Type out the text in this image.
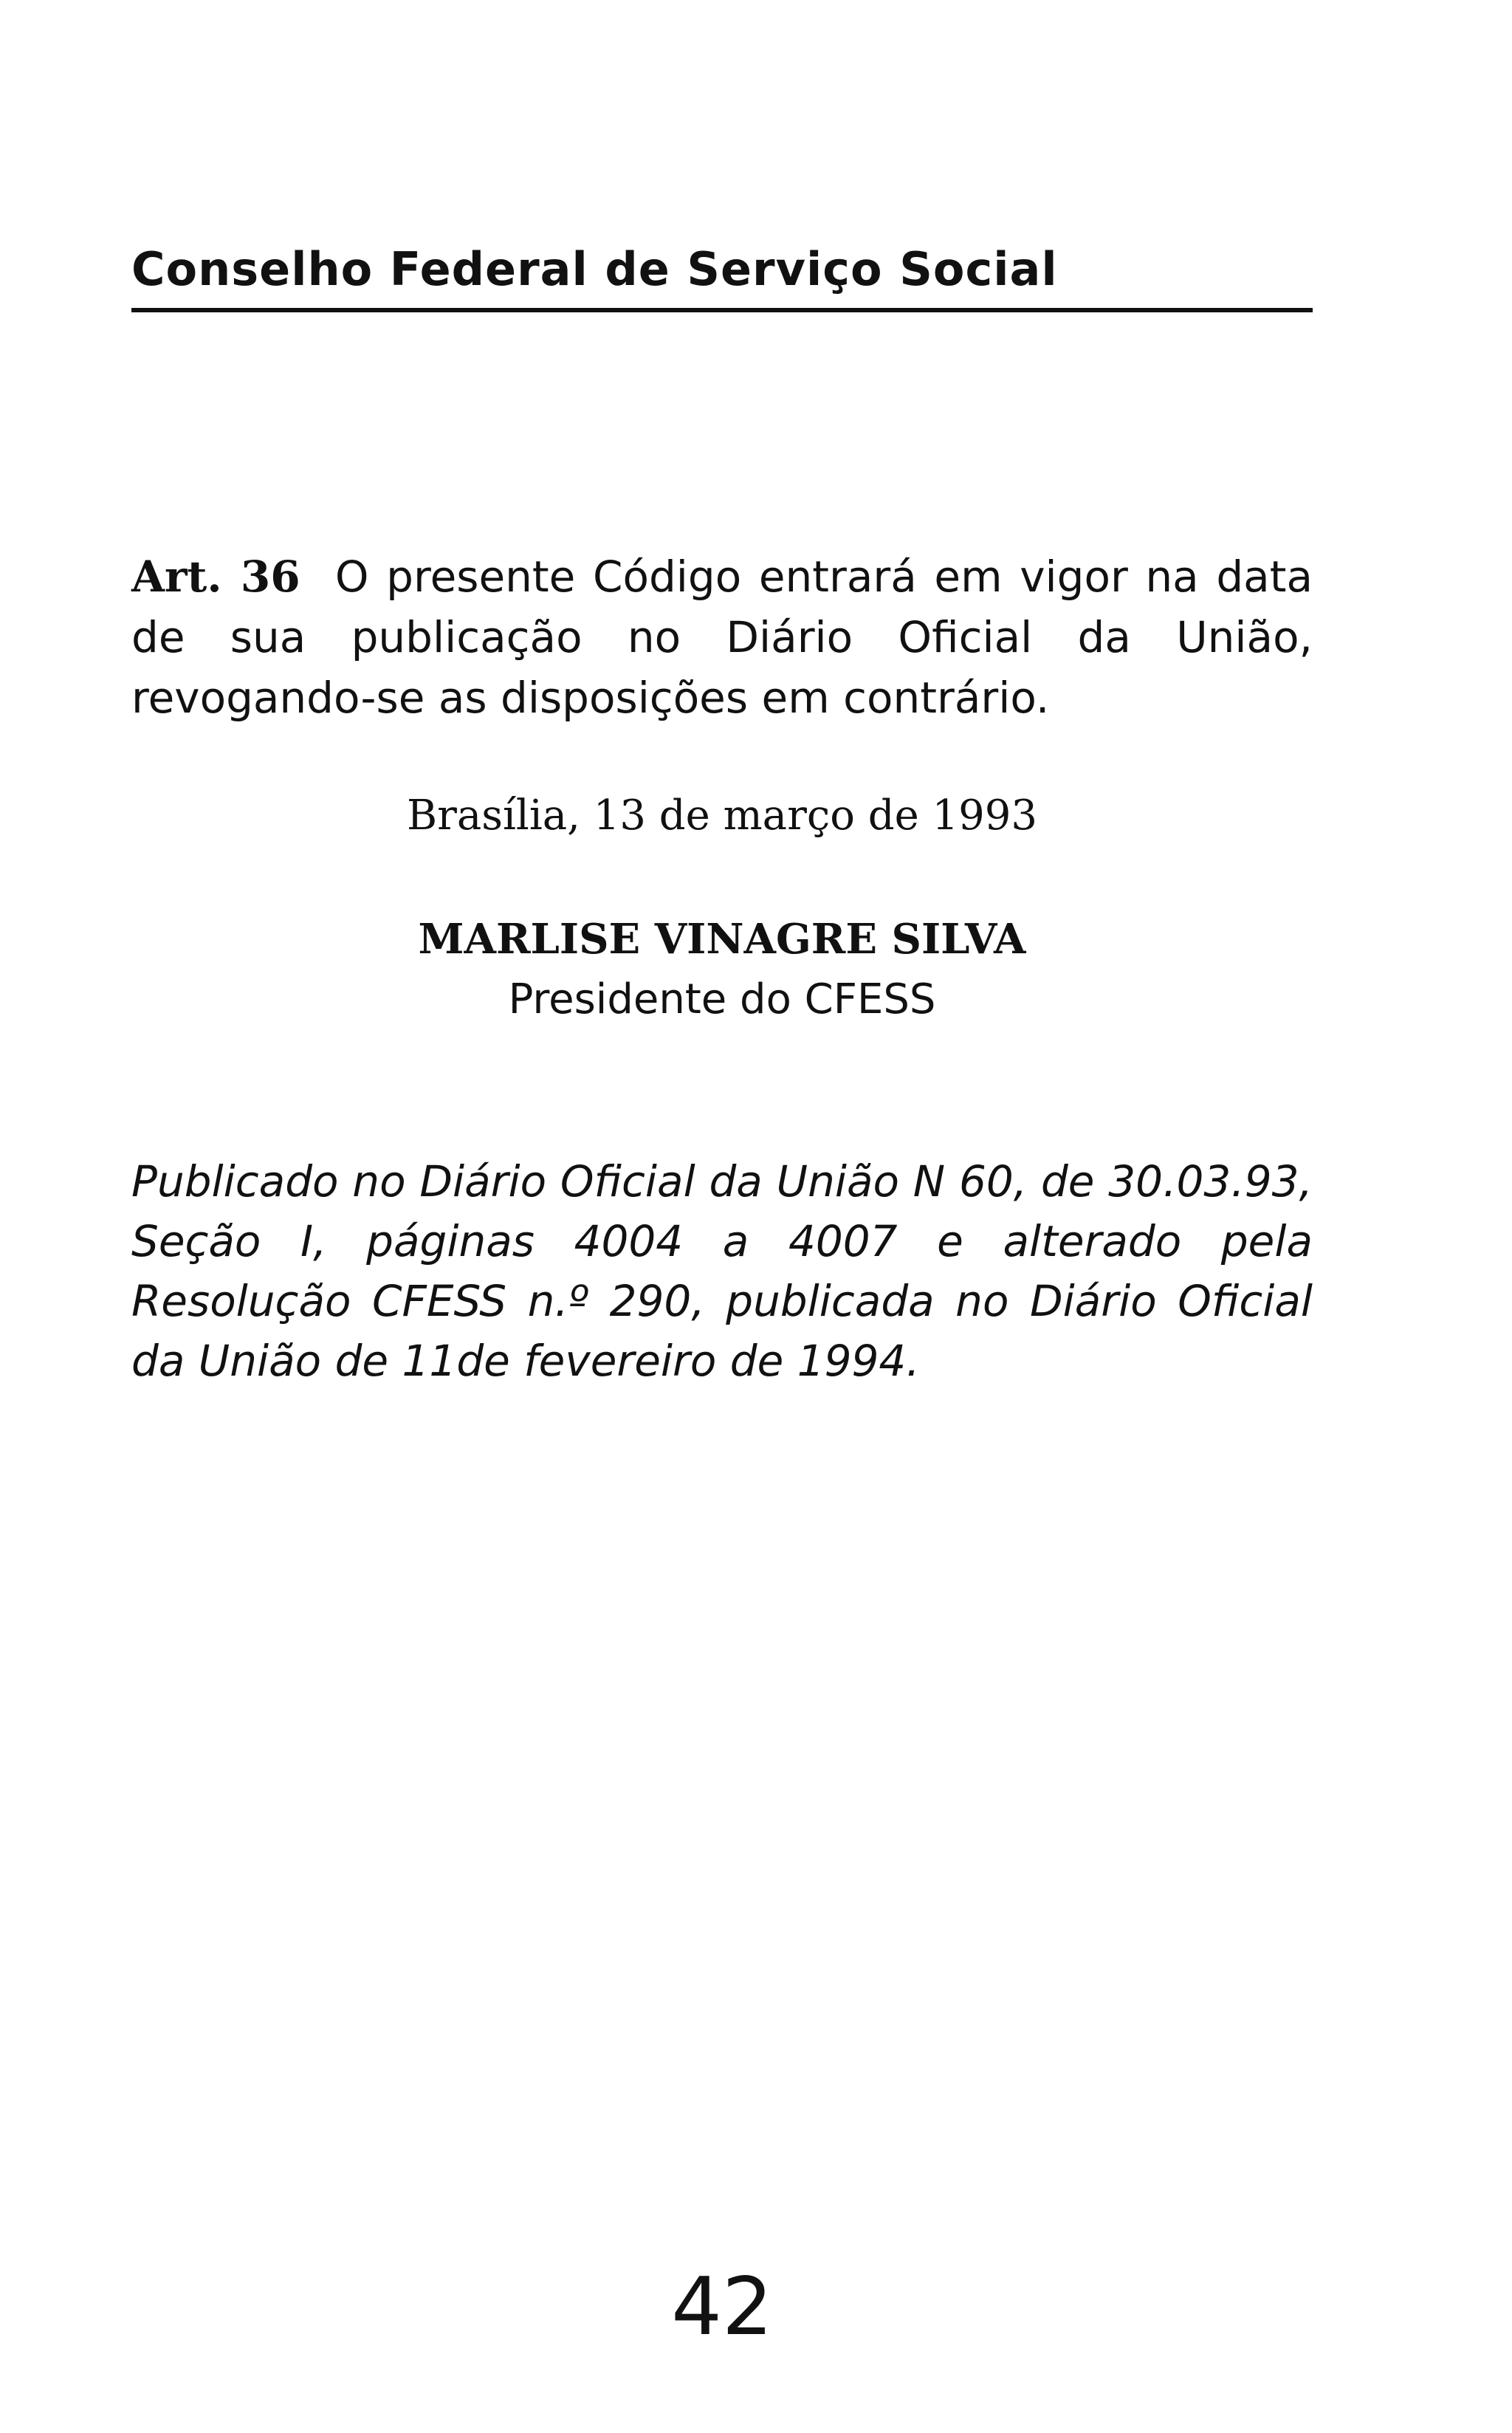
Conselho Federal de Serviço Social
Art. 36 O presente Código entrará em vigor na data de sua publicação no Diário Oficial da União, revogando-se as disposições em contrário.
Brasília, 13 de março de 1993
MARLISE VINAGRE SILVA
Presidente do CFESS
Publicado no Diário Oficial da União N 60, de 30.03.93, Seção I, páginas 4004 a 4007 e alterado pela Resolução CFESS n.º 290, publicada no Diário Oficial da União de 11de fevereiro de 1994.
42
